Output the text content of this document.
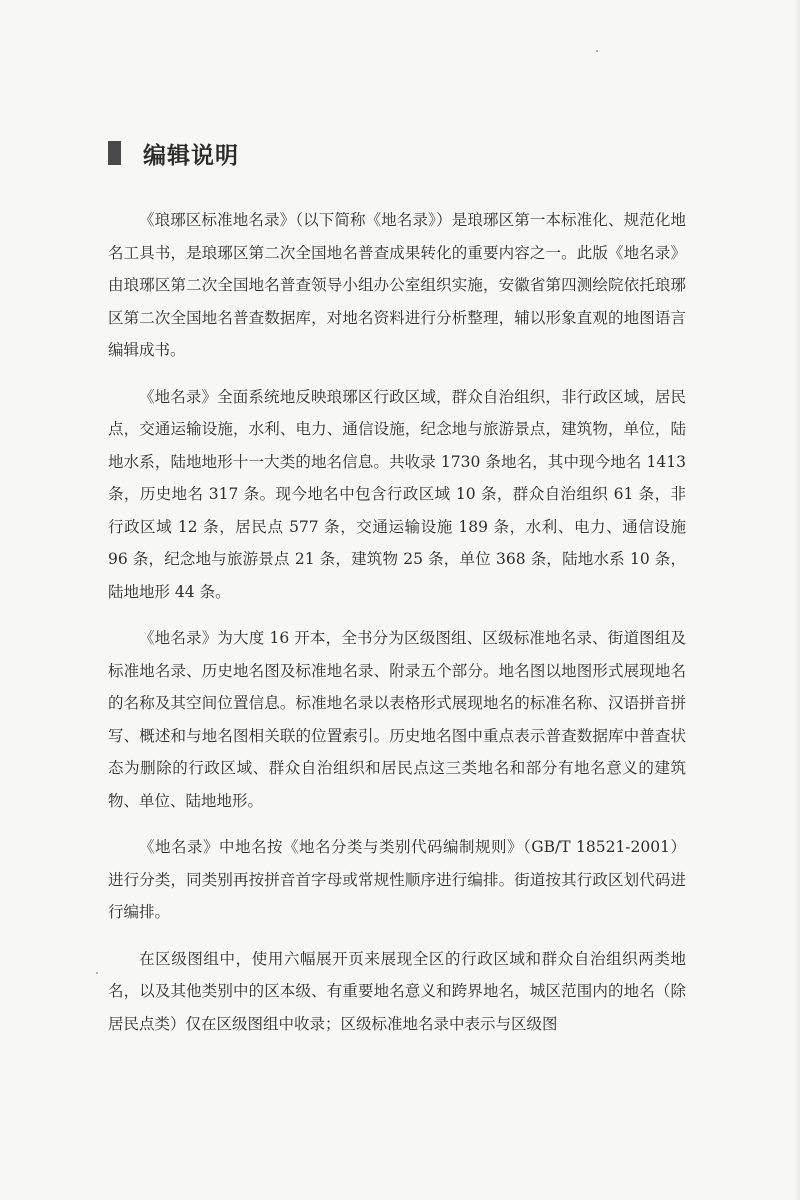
编辑说明

《琅琊区标准地名录》（以下简称《地名录》）是琅琊区第一本标准化、规范化地名工具书，是琅琊区第二次全国地名普查成果转化的重要内容之一。此版《地名录》由琅琊区第二次全国地名普查领导小组办公室组织实施，安徽省第四测绘院依托琅琊区第二次全国地名普查数据库，对地名资料进行分析整理，辅以形象直观的地图语言编辑成书。

《地名录》全面系统地反映琅琊区行政区域，群众自治组织，非行政区域，居民点，交通运输设施，水利、电力、通信设施，纪念地与旅游景点，建筑物，单位，陆地水系，陆地地形十一大类的地名信息。共收录 1730 条地名，其中现今地名 1413 条，历史地名 317 条。现今地名中包含行政区域 10 条，群众自治组织 61 条，非行政区域 12 条，居民点 577 条，交通运输设施 189 条，水利、电力、通信设施 96 条，纪念地与旅游景点 21 条，建筑物 25 条，单位 368 条，陆地水系 10 条，陆地地形 44 条。

《地名录》为大度 16 开本，全书分为区级图组、区级标准地名录、街道图组及标准地名录、历史地名图及标准地名录、附录五个部分。地名图以地图形式展现地名的名称及其空间位置信息。标准地名录以表格形式展现地名的标准名称、汉语拼音拼写、概述和与地名图相关联的位置索引。历史地名图中重点表示普查数据库中普查状态为删除的行政区域、群众自治组织和居民点这三类地名和部分有地名意义的建筑物、单位、陆地地形。

《地名录》中地名按《地名分类与类别代码编制规则》（GB/T 18521-2001）进行分类，同类别再按拼音首字母或常规性顺序进行编排。街道按其行政区划代码进行编排。

在区级图组中，使用六幅展开页来展现全区的行政区域和群众自治组织两类地名，以及其他类别中的区本级、有重要地名意义和跨界地名，城区范围内的地名（除居民点类）仅在区级图组中收录；区级标准地名录中表示与区级图
